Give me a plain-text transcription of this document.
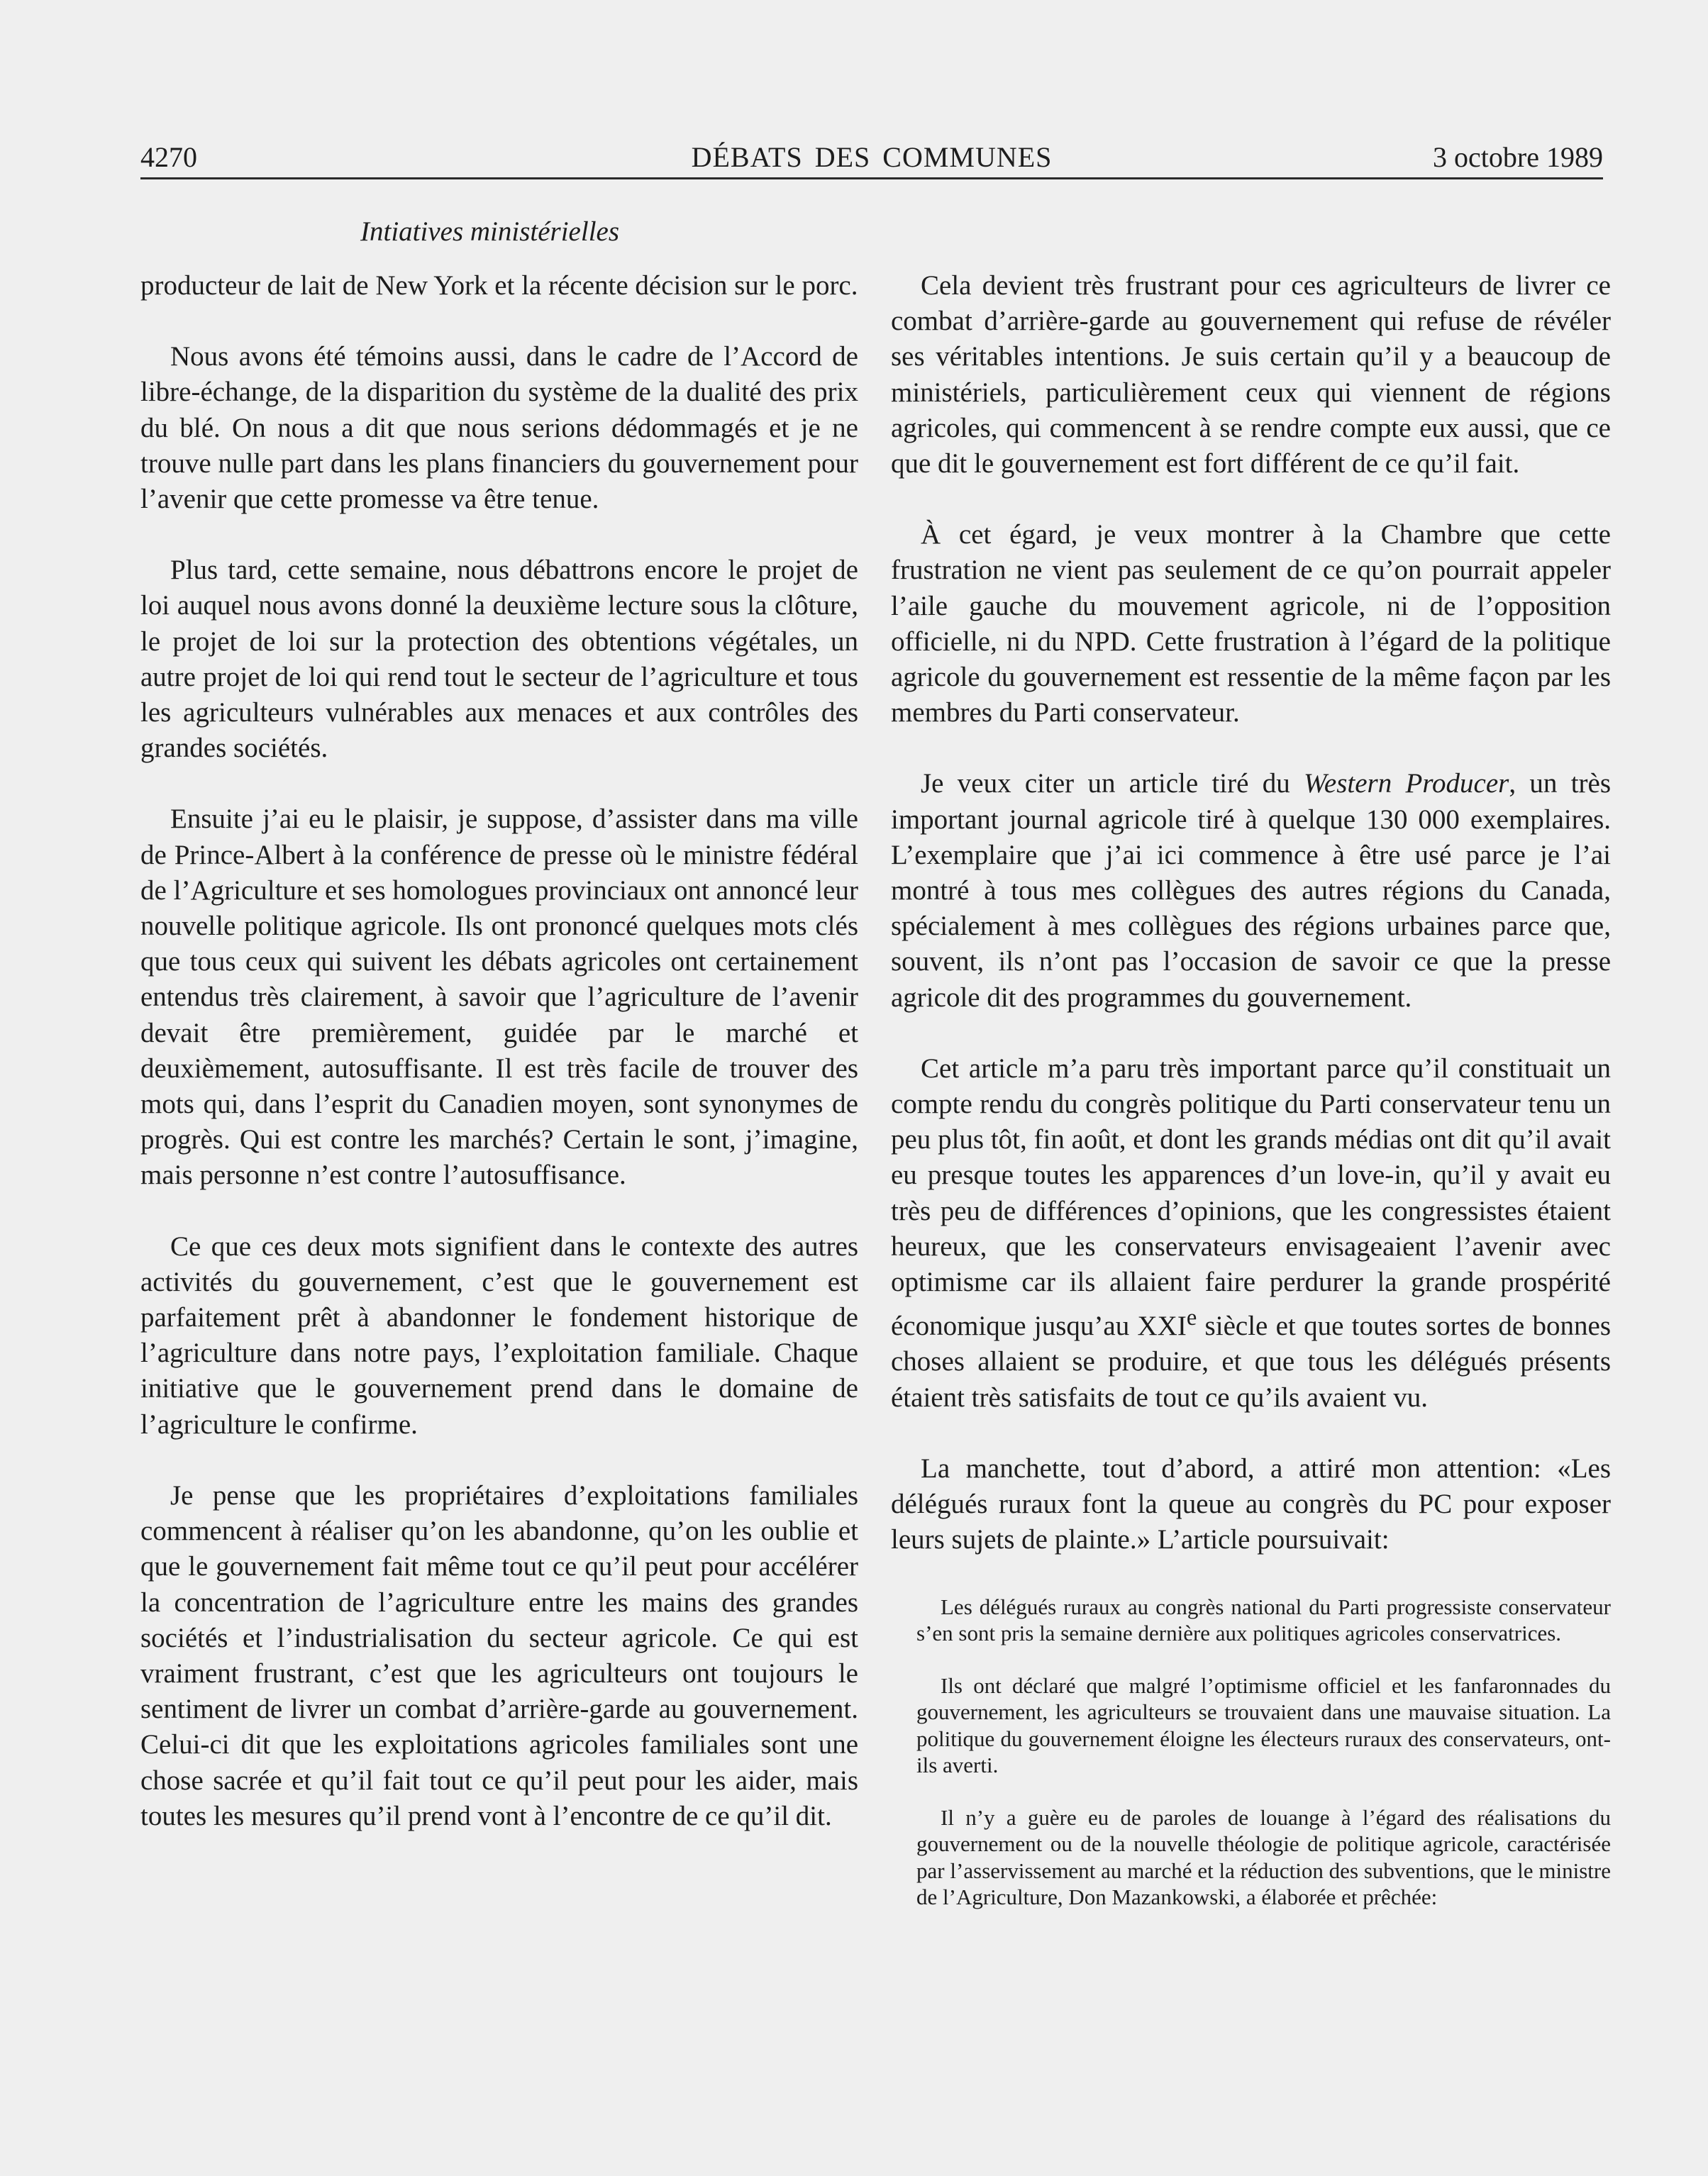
4270	DÉBATS DES COMMUNES	3 octobre 1989
Intiatives ministérielles

producteur de lait de New York et la récente décision sur le porc.

Nous avons été témoins aussi, dans le cadre de l’Accord de libre-échange, de la disparition du système de la dualité des prix du blé. On nous a dit que nous serions dédommagés et je ne trouve nulle part dans les plans financiers du gouvernement pour l’avenir que cette promesse va être tenue.

Plus tard, cette semaine, nous débattrons encore le projet de loi auquel nous avons donné la deuxième lecture sous la clôture, le projet de loi sur la protection des obtentions végétales, un autre projet de loi qui rend tout le secteur de l’agriculture et tous les agriculteurs vulnérables aux menaces et aux contrôles des grandes sociétés.

Ensuite j’ai eu le plaisir, je suppose, d’assister dans ma ville de Prince-Albert à la conférence de presse où le ministre fédéral de l’Agriculture et ses homologues provinciaux ont annoncé leur nouvelle politique agricole. Ils ont prononcé quelques mots clés que tous ceux qui suivent les débats agricoles ont certainement entendus très clairement, à savoir que l’agriculture de l’avenir devait être premièrement, guidée par le marché et deuxièmement, autosuffisante. Il est très facile de trouver des mots qui, dans l’esprit du Canadien moyen, sont synonymes de progrès. Qui est contre les marchés? Certain le sont, j’imagine, mais personne n’est contre l’autosuffisance.

Ce que ces deux mots signifient dans le contexte des autres activités du gouvernement, c’est que le gouvernement est parfaitement prêt à abandonner le fondement historique de l’agriculture dans notre pays, l’exploitation familiale. Chaque initiative que le gouvernement prend dans le domaine de l’agriculture le confirme.

Je pense que les propriétaires d’exploitations familiales commencent à réaliser qu’on les abandonne, qu’on les oublie et que le gouvernement fait même tout ce qu’il peut pour accélérer la concentration de l’agriculture entre les mains des grandes sociétés et l’industrialisation du secteur agricole. Ce qui est vraiment frustrant, c’est que les agriculteurs ont toujours le sentiment de livrer un combat d’arrière-garde au gouvernement. Celui-ci dit que les exploitations agricoles familiales sont une chose sacrée et qu’il fait tout ce qu’il peut pour les aider, mais toutes les mesures qu’il prend vont à l’encontre de ce qu’il dit.

Cela devient très frustrant pour ces agriculteurs de livrer ce combat d’arrière-garde au gouvernement qui refuse de révéler ses véritables intentions. Je suis certain qu’il y a beaucoup de ministériels, particulièrement ceux qui viennent de régions agricoles, qui commencent à se rendre compte eux aussi, que ce que dit le gouvernement est fort différent de ce qu’il fait.

À cet égard, je veux montrer à la Chambre que cette frustration ne vient pas seulement de ce qu’on pourrait appeler l’aile gauche du mouvement agricole, ni de l’opposition officielle, ni du NPD. Cette frustration à l’égard de la politique agricole du gouvernement est ressentie de la même façon par les membres du Parti conservateur.

Je veux citer un article tiré du Western Producer, un très important journal agricole tiré à quelque 130 000 exemplaires. L’exemplaire que j’ai ici commence à être usé parce je l’ai montré à tous mes collègues des autres régions du Canada, spécialement à mes collègues des régions urbaines parce que, souvent, ils n’ont pas l’occasion de savoir ce que la presse agricole dit des programmes du gouvernement.

Cet article m’a paru très important parce qu’il constituait un compte rendu du congrès politique du Parti conservateur tenu un peu plus tôt, fin août, et dont les grands médias ont dit qu’il avait eu presque toutes les apparences d’un love-in, qu’il y avait eu très peu de différences d’opinions, que les congressistes étaient heureux, que les conservateurs envisageaient l’avenir avec optimisme car ils allaient faire perdurer la grande prospérité économique jusqu’au XXIe siècle et que toutes sortes de bonnes choses allaient se produire, et que tous les délégués présents étaient très satisfaits de tout ce qu’ils avaient vu.

La manchette, tout d’abord, a attiré mon attention: «Les délégués ruraux font la queue au congrès du PC pour exposer leurs sujets de plainte.» L’article poursuivait:

Les délégués ruraux au congrès national du Parti progressiste conservateur s’en sont pris la semaine dernière aux politiques agricoles conservatrices.

Ils ont déclaré que malgré l’optimisme officiel et les fanfaronnades du gouvernement, les agriculteurs se trouvaient dans une mauvaise situation. La politique du gouvernement éloigne les électeurs ruraux des conservateurs, ont-ils averti.

Il n’y a guère eu de paroles de louange à l’égard des réalisations du gouvernement ou de la nouvelle théologie de politique agricole, caractérisée par l’asservissement au marché et la réduction des subventions, que le ministre de l’Agriculture, Don Mazankowski, a élaborée et prêchée:
